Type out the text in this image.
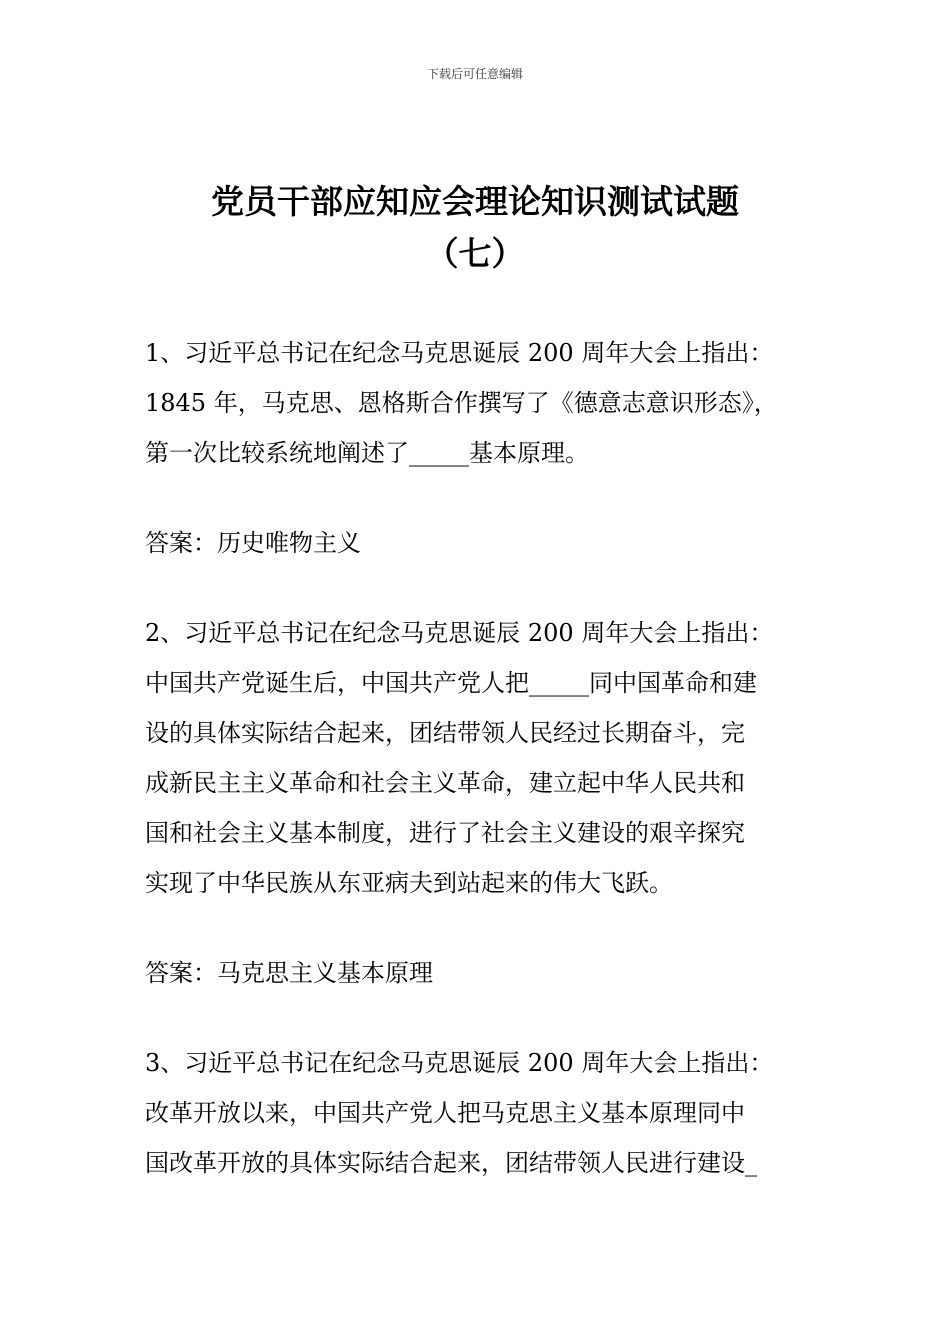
下载后可任意编辑
党员干部应知应会理论知识测试试题
（七）
1、习近平总书记在纪念马克思诞辰 200 周年大会上指出：
1845 年，马克思、恩格斯合作撰写了《德意志意识形态》，
第一次比较系统地阐述了_____基本原理。
答案：历史唯物主义
2、习近平总书记在纪念马克思诞辰 200 周年大会上指出：
中国共产党诞生后，中国共产党人把_____同中国革命和建
设的具体实际结合起来，团结带领人民经过长期奋斗，完
成新民主主义革命和社会主义革命，建立起中华人民共和
国和社会主义基本制度，进行了社会主义建设的艰辛探究
实现了中华民族从东亚病夫到站起来的伟大飞跃。
答案：马克思主义基本原理
3、习近平总书记在纪念马克思诞辰 200 周年大会上指出：
改革开放以来，中国共产党人把马克思主义基本原理同中
国改革开放的具体实际结合起来，团结带领人民进行建设_
